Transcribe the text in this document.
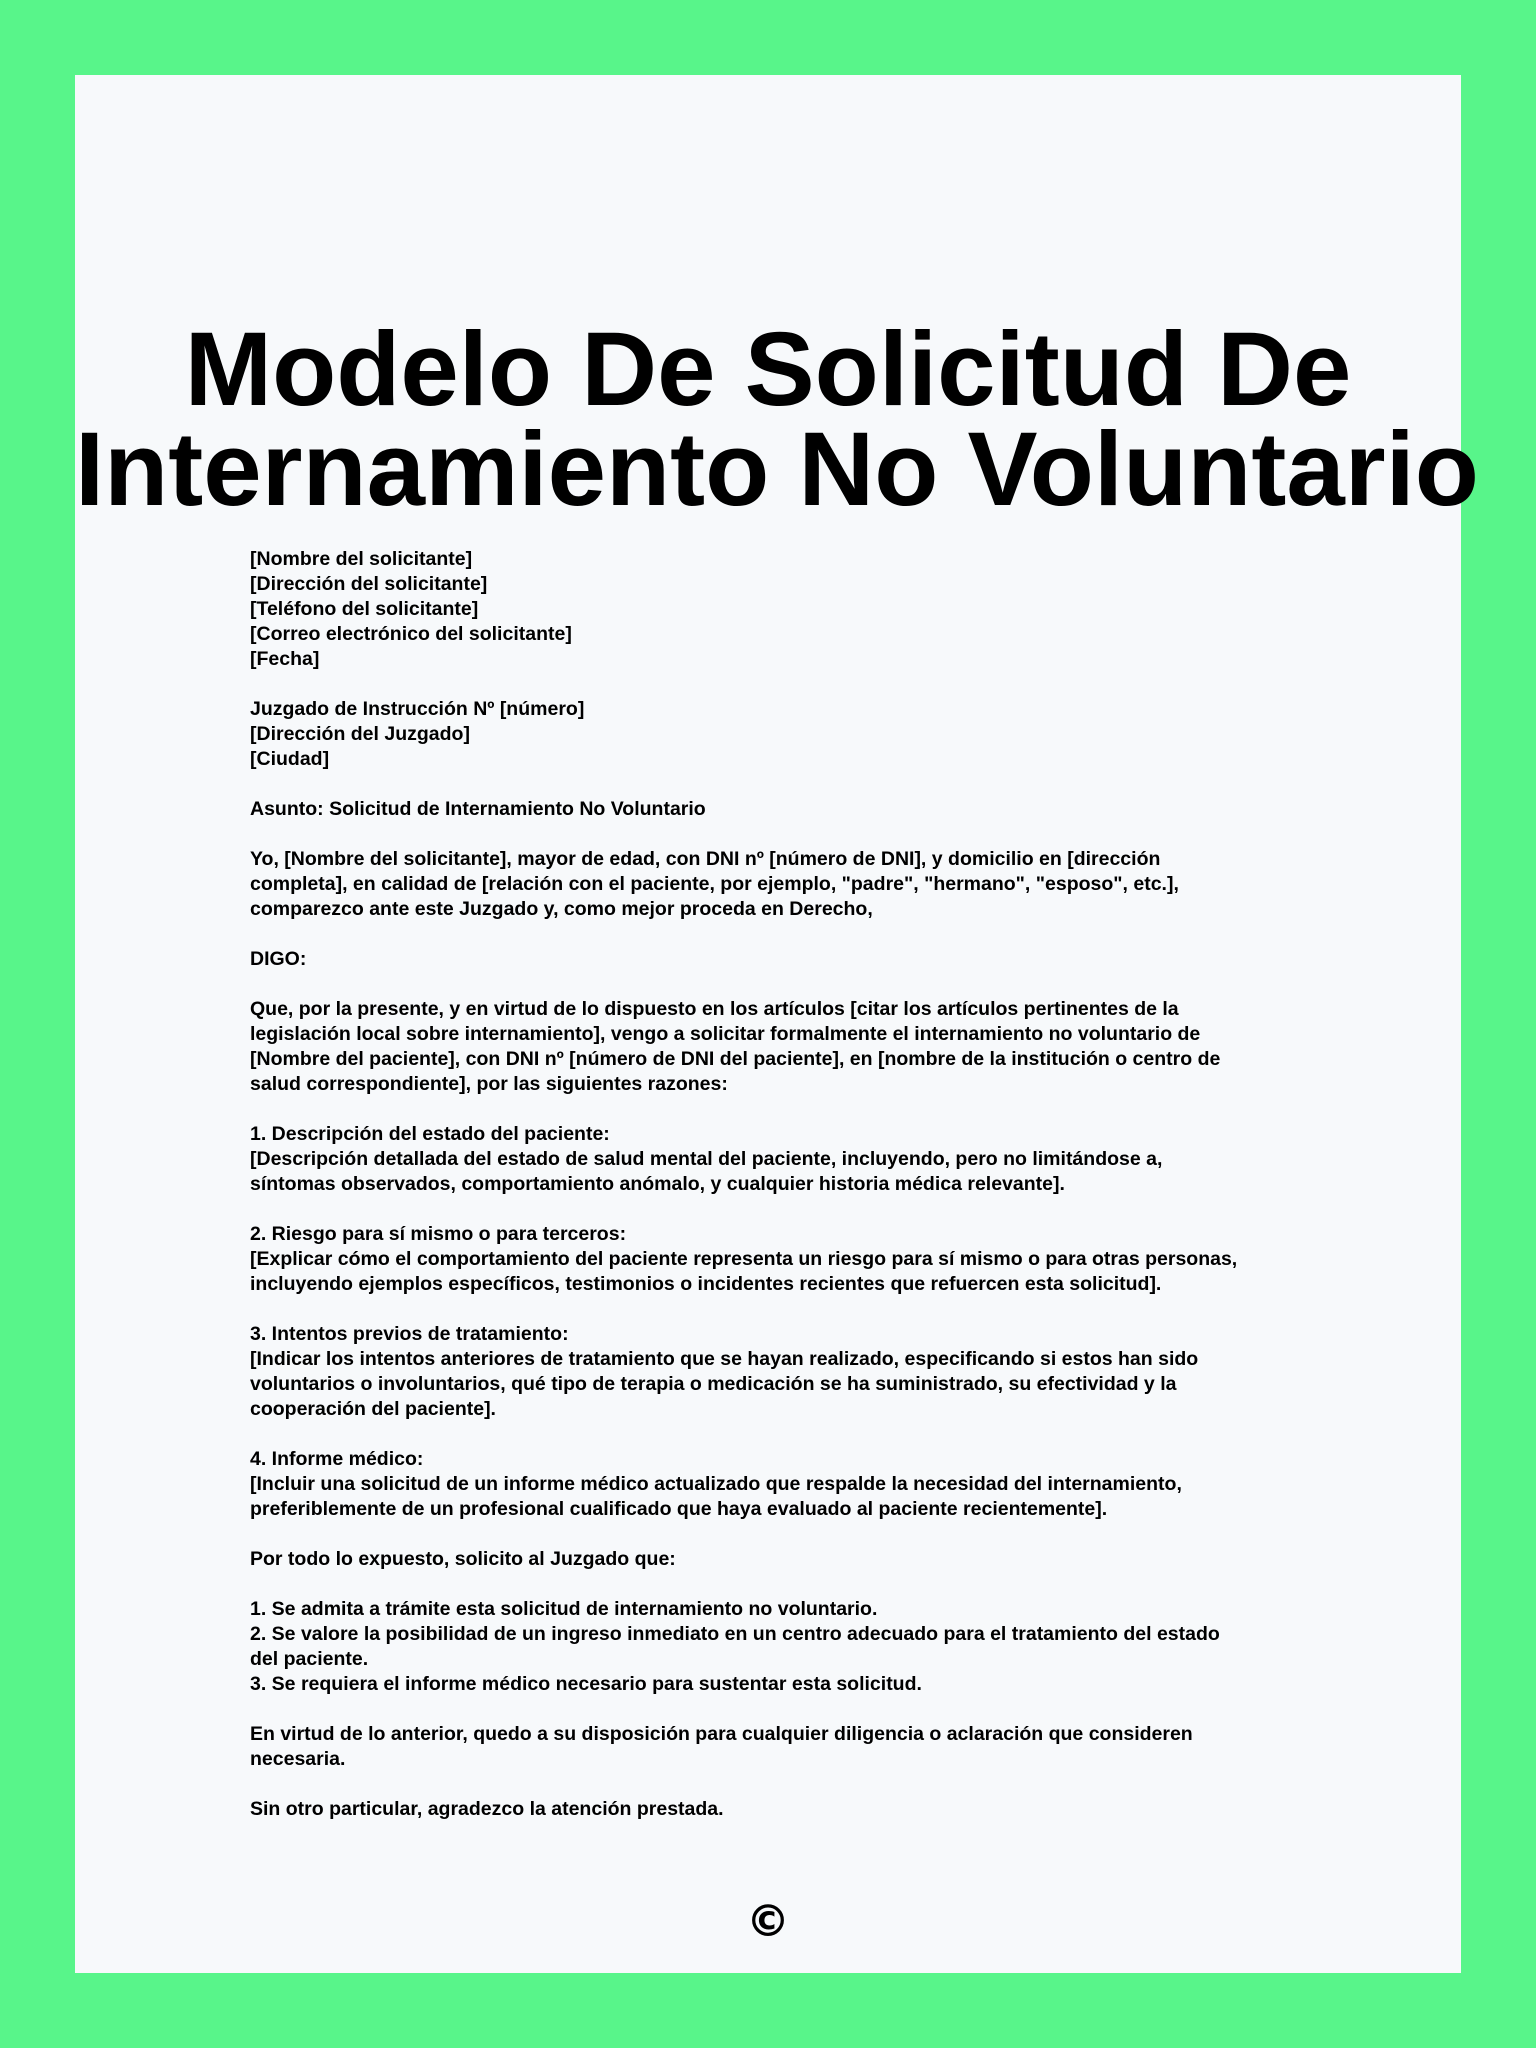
Modelo De Solicitud De
Internamiento No Voluntario

[Nombre del solicitante]
[Dirección del solicitante]
[Teléfono del solicitante]
[Correo electrónico del solicitante]
[Fecha]

Juzgado de Instrucción Nº [número]
[Dirección del Juzgado]
[Ciudad]

Asunto: Solicitud de Internamiento No Voluntario

Yo, [Nombre del solicitante], mayor de edad, con DNI nº [número de DNI], y domicilio en [dirección
completa], en calidad de [relación con el paciente, por ejemplo, "padre", "hermano", "esposo", etc.],
comparezco ante este Juzgado y, como mejor proceda en Derecho,

DIGO:

Que, por la presente, y en virtud de lo dispuesto en los artículos [citar los artículos pertinentes de la
legislación local sobre internamiento], vengo a solicitar formalmente el internamiento no voluntario de
[Nombre del paciente], con DNI nº [número de DNI del paciente], en [nombre de la institución o centro de
salud correspondiente], por las siguientes razones:

1. Descripción del estado del paciente:
[Descripción detallada del estado de salud mental del paciente, incluyendo, pero no limitándose a,
síntomas observados, comportamiento anómalo, y cualquier historia médica relevante].

2. Riesgo para sí mismo o para terceros:
[Explicar cómo el comportamiento del paciente representa un riesgo para sí mismo o para otras personas,
incluyendo ejemplos específicos, testimonios o incidentes recientes que refuercen esta solicitud].

3. Intentos previos de tratamiento:
[Indicar los intentos anteriores de tratamiento que se hayan realizado, especificando si estos han sido
voluntarios o involuntarios, qué tipo de terapia o medicación se ha suministrado, su efectividad y la
cooperación del paciente].

4. Informe médico:
[Incluir una solicitud de un informe médico actualizado que respalde la necesidad del internamiento,
preferiblemente de un profesional cualificado que haya evaluado al paciente recientemente].

Por todo lo expuesto, solicito al Juzgado que:

1. Se admita a trámite esta solicitud de internamiento no voluntario.
2. Se valore la posibilidad de un ingreso inmediato en un centro adecuado para el tratamiento del estado
del paciente.
3. Se requiera el informe médico necesario para sustentar esta solicitud.

En virtud de lo anterior, quedo a su disposición para cualquier diligencia o aclaración que consideren
necesaria.

Sin otro particular, agradezco la atención prestada.

©
